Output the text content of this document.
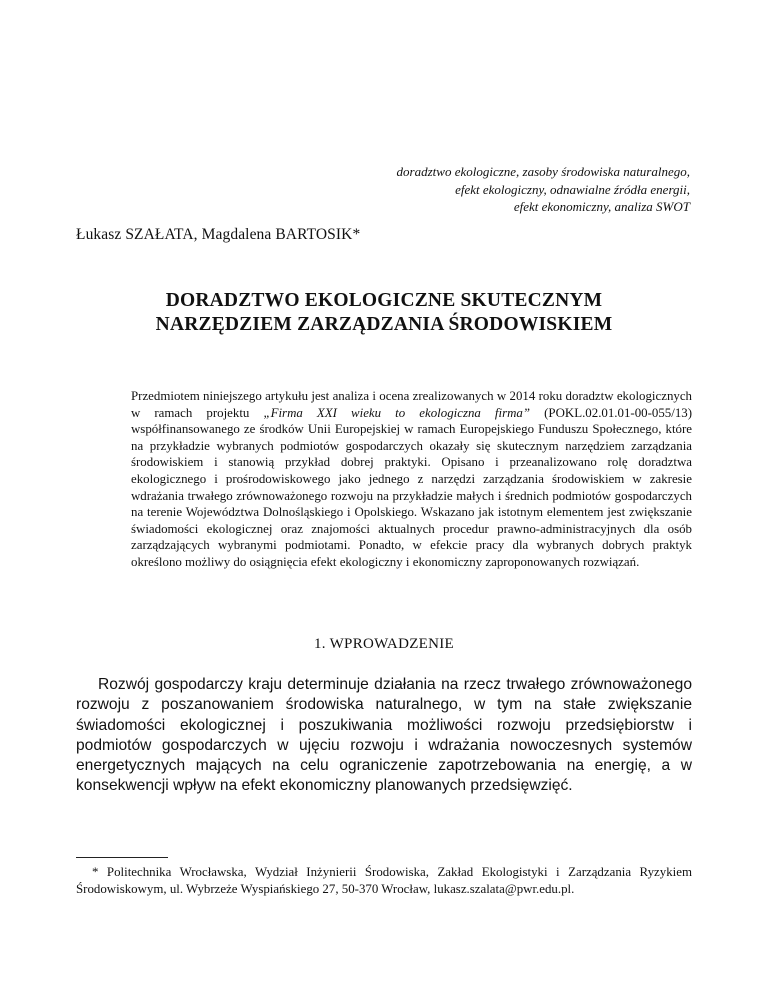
doradztwo ekologiczne, zasoby środowiska naturalnego,
efekt ekologiczny, odnawialne źródła energii,
efekt ekonomiczny, analiza SWOT
Łukasz SZAŁATA, Magdalena BARTOSIK*
DORADZTWO EKOLOGICZNE SKUTECZNYM
NARZĘDZIEM ZARZĄDZANIA ŚRODOWISKIEM

Przedmiotem niniejszego artykułu jest analiza i ocena zrealizowanych w 2014 roku doradztw ekologicznych w ramach projektu „Firma XXI wieku to ekologiczna firma” (POKL.02.01.01-00-055/13) współfinansowanego ze środków Unii Europejskiej w ramach Europejskiego Funduszu Społecznego, które na przykładzie wybranych podmiotów gospodarczych okazały się skutecznym narzędziem zarządzania środowiskiem i stanowią przykład dobrej praktyki. Opisano i przeanalizowano rolę doradztwa ekologicznego i prośrodowiskowego jako jednego z narzędzi zarządzania środowiskiem w zakresie wdrażania trwałego zrównoważonego rozwoju na przykładzie małych i średnich podmiotów gospodarczych na terenie Województwa Dolnośląskiego i Opolskiego. Wskazano jak istotnym elementem jest zwiększanie świadomości ekologicznej oraz znajomości aktualnych procedur prawno-administracyjnych dla osób zarządzających wybranymi podmiotami. Ponadto, w efekcie pracy dla wybranych dobrych praktyk określono możliwy do osiągnięcia efekt ekologiczny i ekonomiczny zaproponowanych rozwiązań.

1. WPROWADZENIE

Rozwój gospodarczy kraju determinuje działania na rzecz trwałego zrównoważonego rozwoju z poszanowaniem środowiska naturalnego, w tym na stałe zwiększanie świadomości ekologicznej i poszukiwania możliwości rozwoju przedsiębiorstw i podmiotów gospodarczych w ujęciu rozwoju i wdrażania nowoczesnych systemów energetycznych mających na celu ograniczenie zapotrzebowania na energię, a w konsekwencji wpływ na efekt ekonomiczny planowanych przedsięwzięć.

* Politechnika Wrocławska, Wydział Inżynierii Środowiska, Zakład Ekologistyki i Zarządzania Ryzykiem Środowiskowym, ul. Wybrzeże Wyspiańskiego 27, 50-370 Wrocław, lukasz.szalata@pwr.edu.pl.
